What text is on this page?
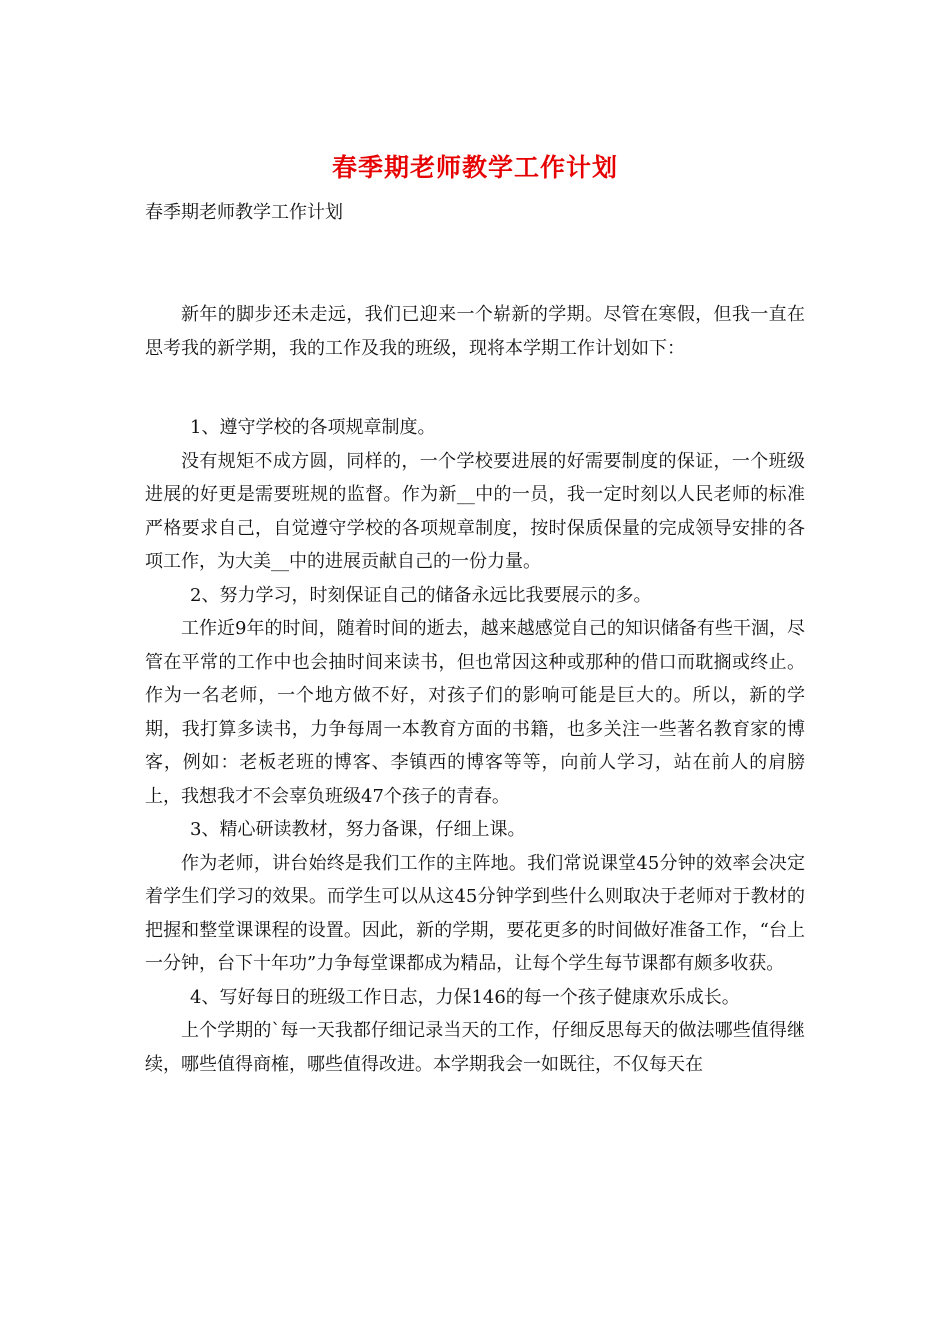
春季期老师教学工作计划
春季期老师教学工作计划

新年的脚步还未走远，我们已迎来一个崭新的学期。尽管在寒假，但我一直在思考我的新学期，我的工作及我的班级，现将本学期工作计划如下：

1、遵守学校的各项规章制度。

没有规矩不成方圆，同样的，一个学校要进展的好需要制度的保证，一个班级进展的好更是需要班规的监督。作为新__中的一员，我一定时刻以人民老师的标准严格要求自己，自觉遵守学校的各项规章制度，按时保质保量的完成领导安排的各项工作，为大美__中的进展贡献自己的一份力量。

2、努力学习，时刻保证自己的储备永远比我要展示的多。

工作近9年的时间，随着时间的逝去，越来越感觉自己的知识储备有些干涸，尽管在平常的工作中也会抽时间来读书，但也常因这种或那种的借口而耽搁或终止。作为一名老师，一个地方做不好，对孩子们的影响可能是巨大的。所以，新的学期，我打算多读书，力争每周一本教育方面的书籍，也多关注一些著名教育家的博客，例如：老板老班的博客、李镇西的博客等等，向前人学习，站在前人的肩膀上，我想我才不会辜负班级47个孩子的青春。

3、精心研读教材，努力备课，仔细上课。

作为老师，讲台始终是我们工作的主阵地。我们常说课堂45分钟的效率会决定着学生们学习的效果。而学生可以从这45分钟学到些什么则取决于老师对于教材的把握和整堂课课程的设置。因此，新的学期，要花更多的时间做好准备工作，“台上一分钟，台下十年功”力争每堂课都成为精品，让每个学生每节课都有颇多收获。

4、写好每日的班级工作日志，力保146的每一个孩子健康欢乐成长。

上个学期的`每一天我都仔细记录当天的工作，仔细反思每天的做法哪些值得继续，哪些值得商榷，哪些值得改进。本学期我会一如既往，不仅每天在
